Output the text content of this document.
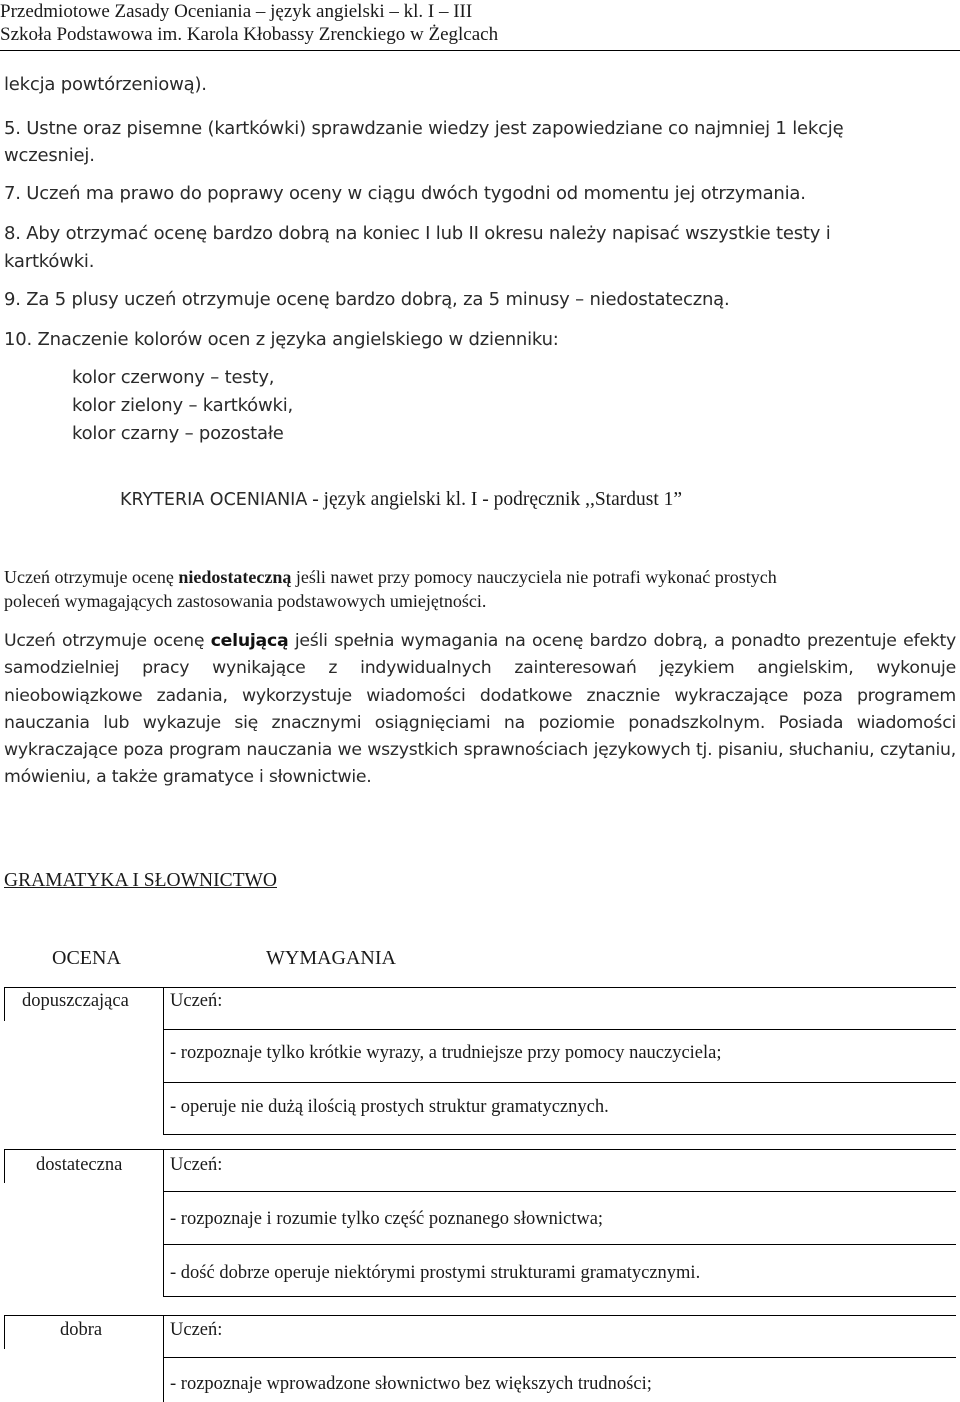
Przedmiotowe Zasady Oceniania – język angielski – kl. I – III
Szkoła Podstawowa im. Karola Kłobassy Zrenckiego w Żeglcach
lekcja powtórzeniową).
5. Ustne oraz pisemne (kartkówki) sprawdzanie wiedzy jest zapowiedziane co najmniej 1 lekcję
wczesniej.
7. Uczeń ma prawo do poprawy oceny w ciągu dwóch tygodni od momentu jej otrzymania.
8. Aby otrzymać ocenę bardzo dobrą na koniec I lub II okresu należy napisać wszystkie testy i
kartkówki.
9. Za 5 plusy uczeń otrzymuje ocenę bardzo dobrą, za 5 minusy – niedostateczną.
10. Znaczenie kolorów ocen z języka angielskiego w dzienniku:
kolor czerwony – testy,
kolor zielony – kartkówki,
kolor czarny – pozostałe
KRYTERIA OCENIANIA - język angielski kl. I - podręcznik ,,Stardust 1”
Uczeń otrzymuje ocenę niedostateczną jeśli nawet przy pomocy nauczyciela nie potrafi wykonać prostych
poleceń wymagających zastosowania podstawowych umiejętności.
Uczeń otrzymuje ocenę celującą jeśli spełnia wymagania na ocenę bardzo dobrą, a ponadto prezentuje efekty samodzielniej pracy wynikające z indywidualnych zainteresowań językiem angielskim, wykonuje nieobowiązkowe zadania, wykorzystuje wiadomości dodatkowe znacznie wykraczające poza programem nauczania lub wykazuje się znacznymi osiągnięciami na poziomie ponadszkolnym. Posiada wiadomości wykraczające poza program nauczania we wszystkich sprawnościach językowych tj. pisaniu, słuchaniu, czytaniu, mówieniu, a także gramatyce i słownictwie.
GRAMATYKA I SŁOWNICTWO
OCENA	WYMAGANIA
dopuszczająca Uczeń:
- rozpoznaje tylko krótkie wyrazy, a trudniejsze przy pomocy nauczyciela;
- operuje nie dużą ilością prostych struktur gramatycznych.
dostateczna	Uczeń:
- rozpoznaje i rozumie tylko część poznanego słownictwa;
- dość dobrze operuje niektórymi prostymi strukturami gramatycznymi.
dobra	Uczeń:
- rozpoznaje wprowadzone słownictwo bez większych trudności;
